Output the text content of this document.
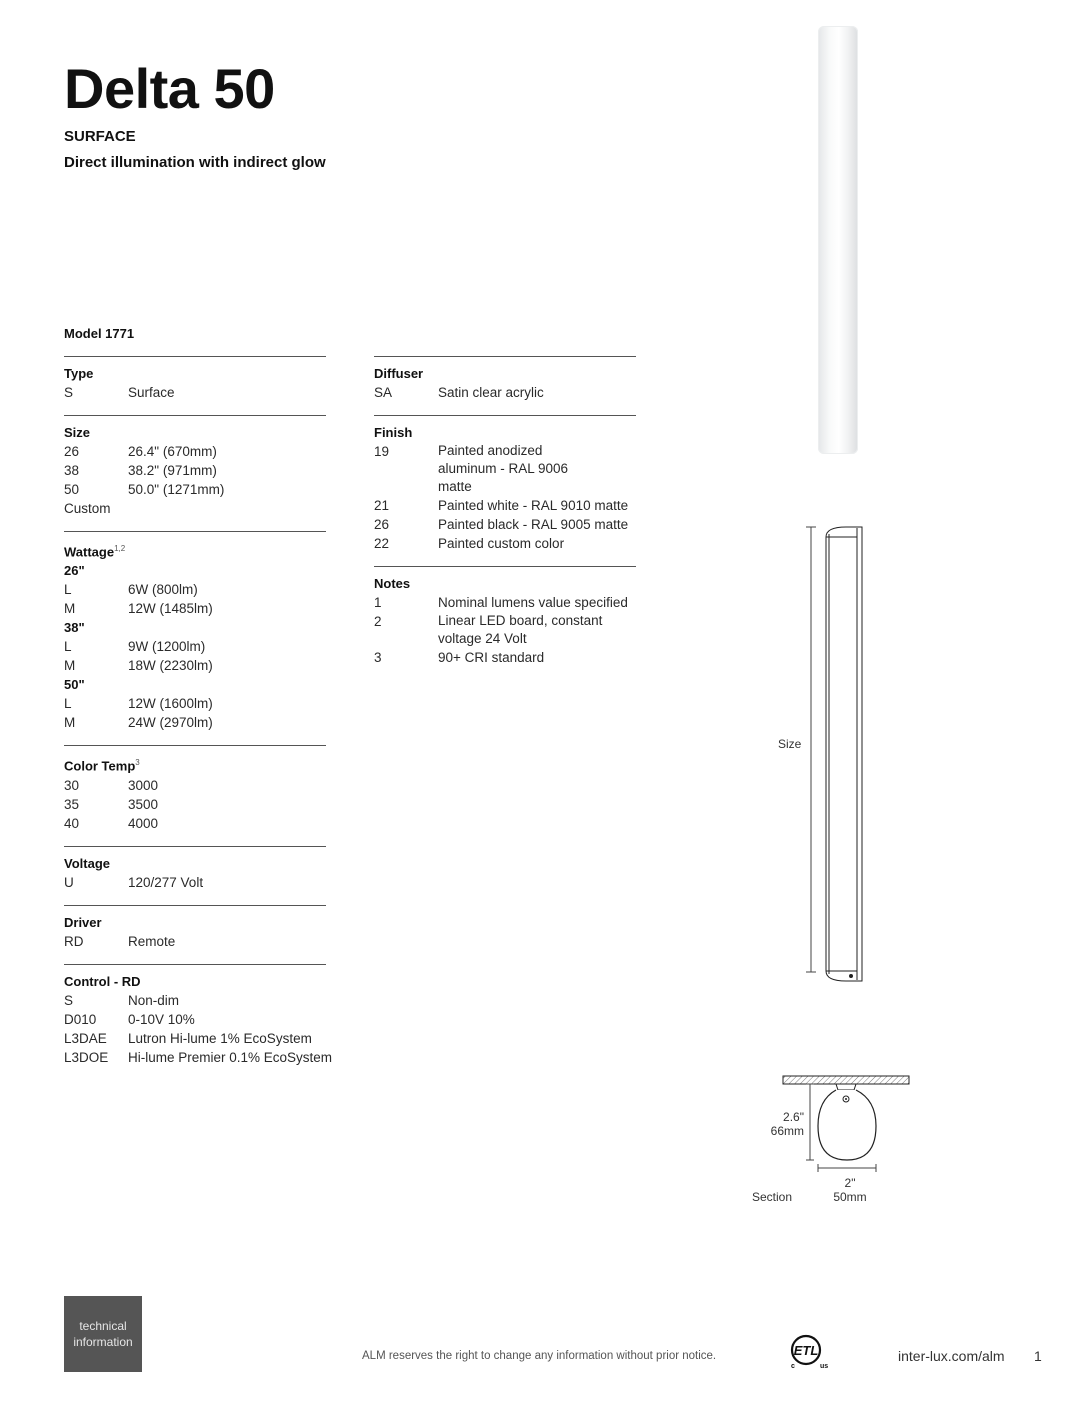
Delta 50
SURFACE
Direct illumination with indirect glow
Model 1771
Type
S	Surface
Size
26	26.4" (670mm)
38	38.2" (971mm)
50	50.0" (1271mm)
Custom
Wattage$^{1,2}$
26"
L	6W (800lm)
M	12W (1485lm)
38"
L	9W (1200lm)
M	18W (2230lm)
50"
L	12W (1600lm)
M	24W (2970lm)
Color Temp$^3$
30	3000
35	3500
40	4000
Voltage
U	120/277 Volt
Driver
RD	Remote
Control - RD
S	Non-dim
D010	0-10V 10%
L3DAE	Lutron Hi-lume 1% EcoSystem
L3DOE	Hi-lume Premier 0.1% EcoSystem
Diffuser
SA	Satin clear acrylic
Finish
19	Painted anodized aluminum - RAL 9006 matte
21	Painted white - RAL 9010 matte
26	Painted black - RAL 9005 matte
22	Painted custom color
Notes
1	Nominal lumens value specified
2	Linear LED board, constant voltage 24 Volt
3	90+ CRI standard
Size
2.6"
66mm
2"
50mm
Section
technical
information
ALM reserves the right to change any information without prior notice.	ETL
c	us
inter-lux.com/alm 1
